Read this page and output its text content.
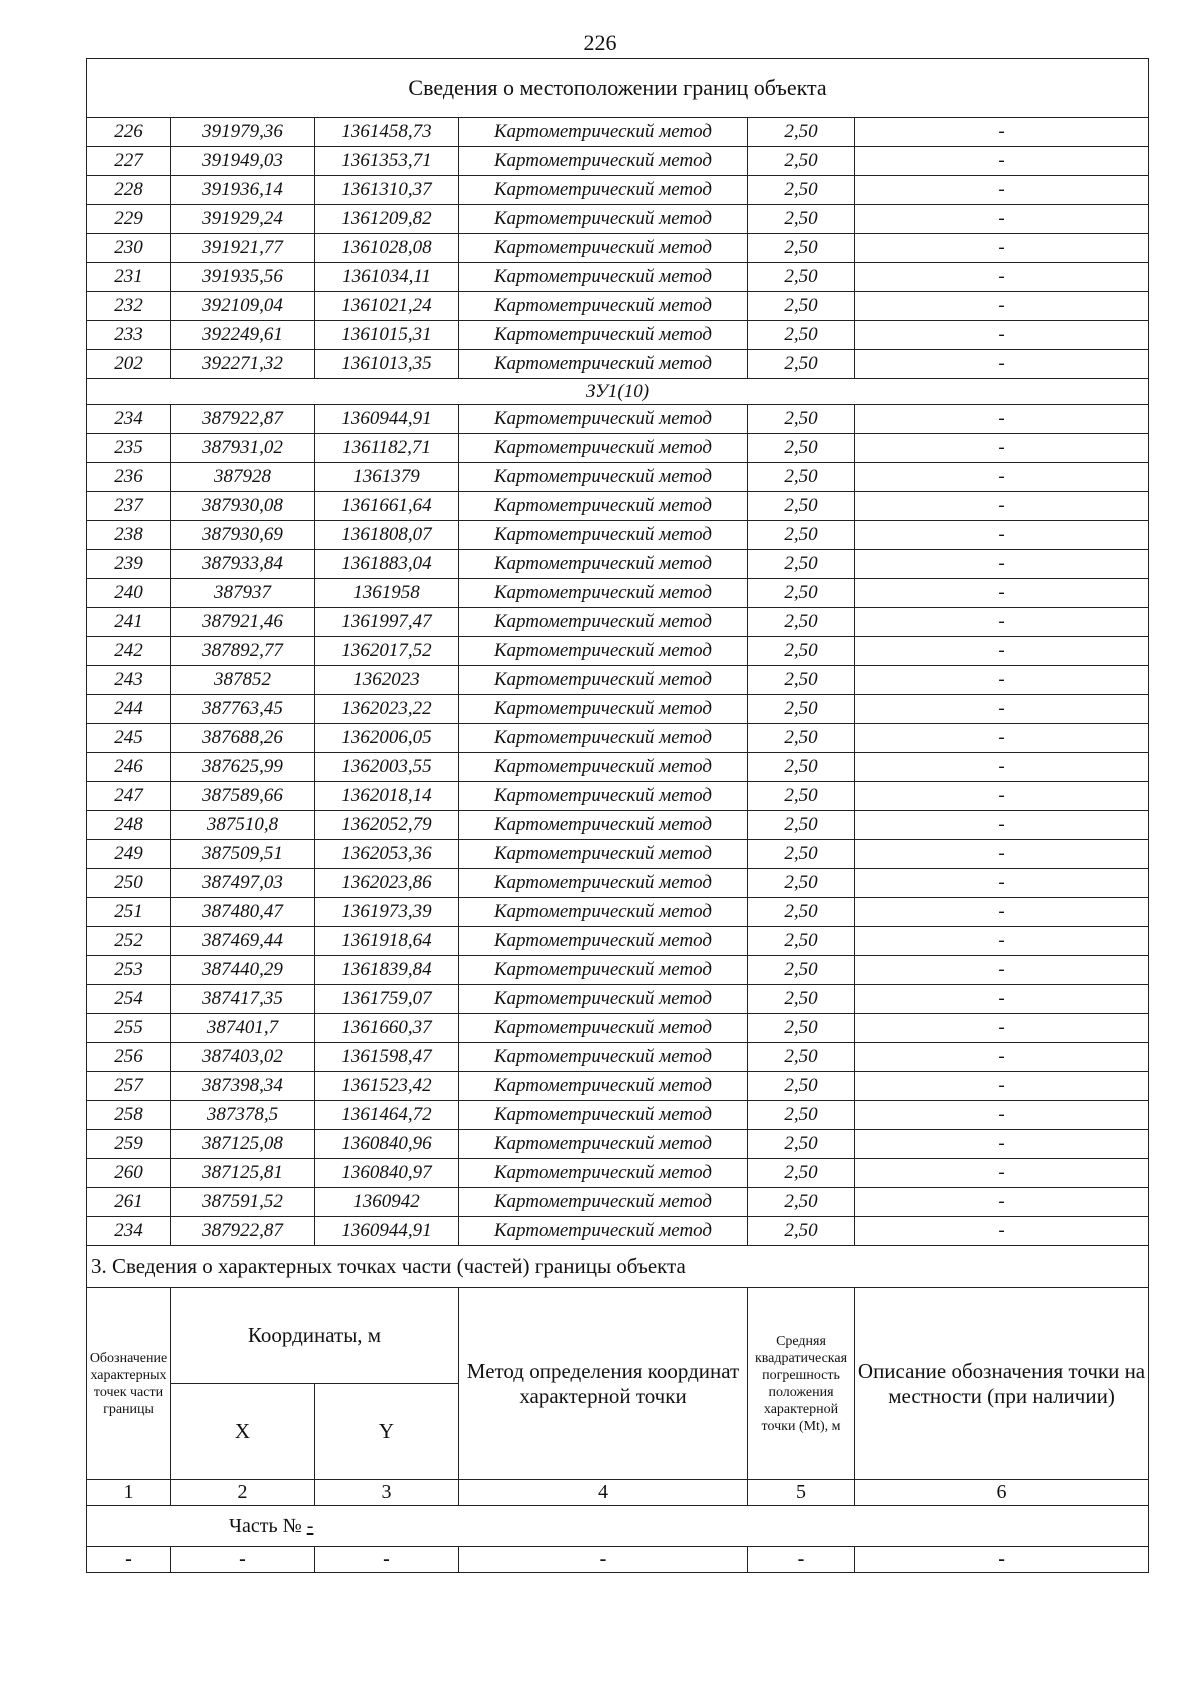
226
Сведения о местоположении границ объекта					
226	391979,36	1361458,73	Картометрический метод	2,50	-
227	391949,03	1361353,71	Картометрический метод	2,50	-
228	391936,14	1361310,37	Картометрический метод	2,50	-
229	391929,24	1361209,82	Картометрический метод	2,50	-
230	391921,77	1361028,08	Картометрический метод	2,50	-
231	391935,56	1361034,11	Картометрический метод	2,50	-
232	392109,04	1361021,24	Картометрический метод	2,50	-
233	392249,61	1361015,31	Картометрический метод	2,50	-
202	392271,32	1361013,35	Картометрический метод	2,50	-
ЗУ1(10)					
234	387922,87	1360944,91	Картометрический метод	2,50	-
235	387931,02	1361182,71	Картометрический метод	2,50	-
236	387928	1361379	Картометрический метод	2,50	-
237	387930,08	1361661,64	Картометрический метод	2,50	-
238	387930,69	1361808,07	Картометрический метод	2,50	-
239	387933,84	1361883,04	Картометрический метод	2,50	-
240	387937	1361958	Картометрический метод	2,50	-
241	387921,46	1361997,47	Картометрический метод	2,50	-
242	387892,77	1362017,52	Картометрический метод	2,50	-
243	387852	1362023	Картометрический метод	2,50	-
244	387763,45	1362023,22	Картометрический метод	2,50	-
245	387688,26	1362006,05	Картометрический метод	2,50	-
246	387625,99	1362003,55	Картометрический метод	2,50	-
247	387589,66	1362018,14	Картометрический метод	2,50	-
248	387510,8	1362052,79	Картометрический метод	2,50	-
249	387509,51	1362053,36	Картометрический метод	2,50	-
250	387497,03	1362023,86	Картометрический метод	2,50	-
251	387480,47	1361973,39	Картометрический метод	2,50	-
252	387469,44	1361918,64	Картометрический метод	2,50	-
253	387440,29	1361839,84	Картометрический метод	2,50	-
254	387417,35	1361759,07	Картометрический метод	2,50	-
255	387401,7	1361660,37	Картометрический метод	2,50	-
256	387403,02	1361598,47	Картометрический метод	2,50	-
257	387398,34	1361523,42	Картометрический метод	2,50	-
258	387378,5	1361464,72	Картометрический метод	2,50	-
259	387125,08	1360840,96	Картометрический метод	2,50	-
260	387125,81	1360840,97	Картометрический метод	2,50	-
261	387591,52	1360942	Картометрический метод	2,50	-
234	387922,87	1360944,91	Картометрический метод	2,50	-
3. Сведения о характерных точках части (частей) границы объекта					
Обозначение характерных точек части границы	Координаты, м		Метод определения координат характерной точки	Средняя квадратическая погрешность положения характерной точки (Mt), м	Описание обозначения точки на местности (при наличии)
	X	Y			
1	2	3	4	5	6
Часть № -					
-	-	-	-	-	-
